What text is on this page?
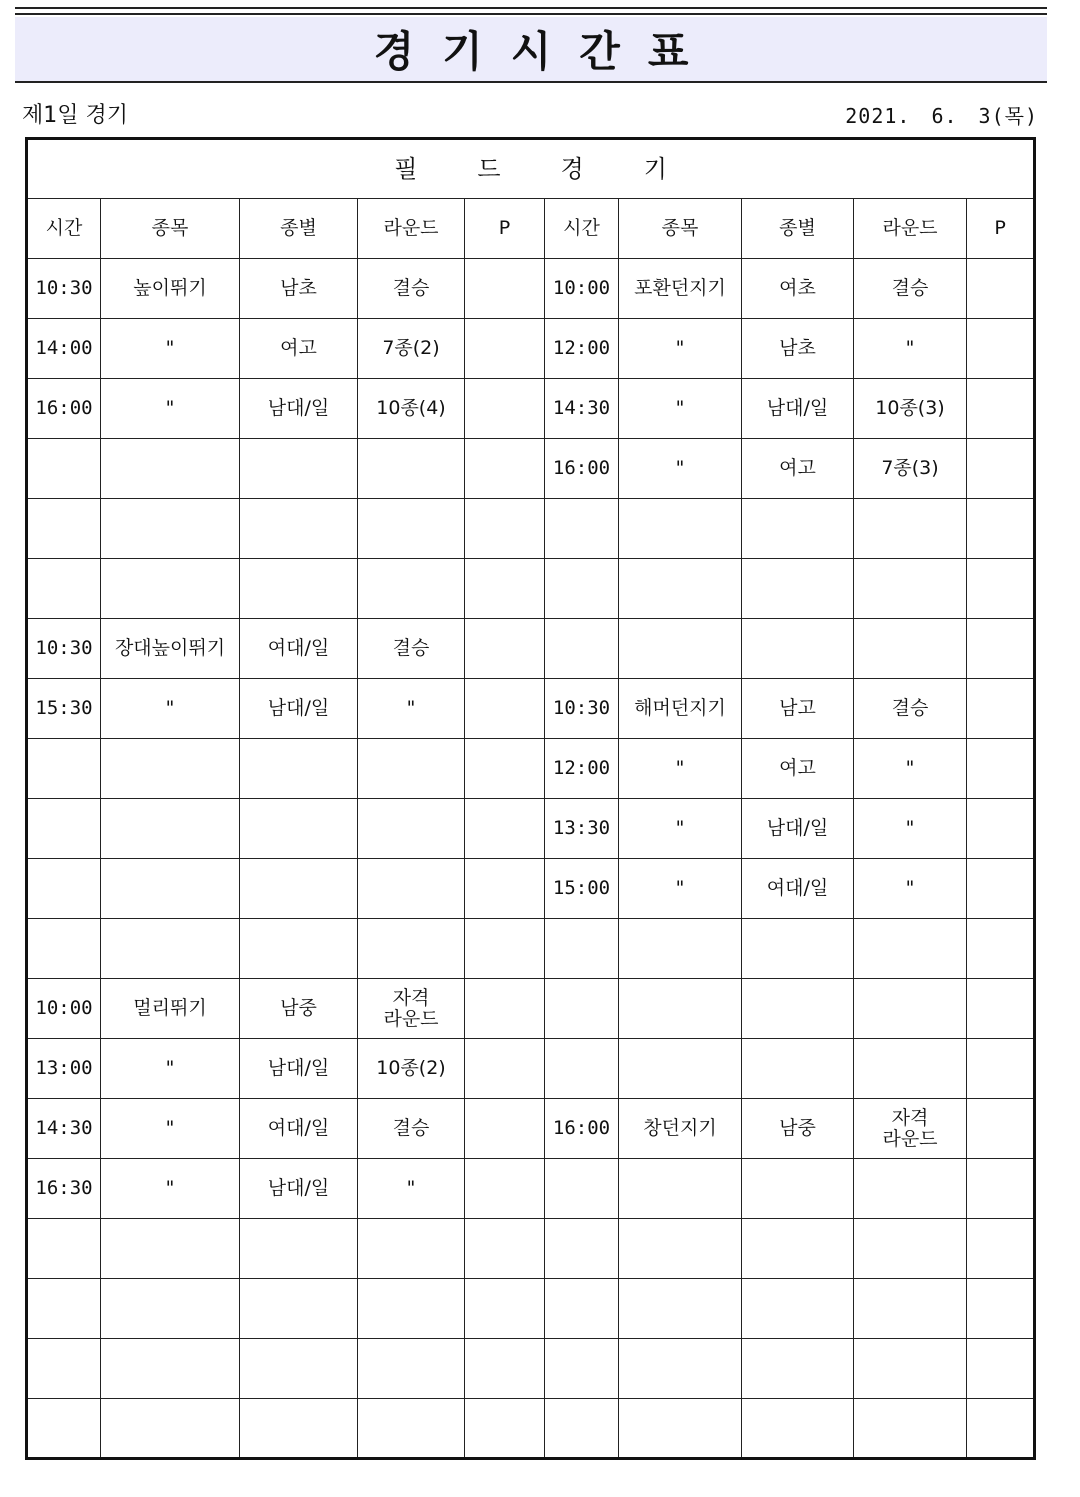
경기시간표
제1일 경기	2021.　6.　3(목)
필드경기									
시간	종목	종별	라운드	P	시간	종목	종별	라운드	P
10:30	높이뛰기	남초	결승		10:00	포환던지기	여초	결승	
14:00	"	여고	7종(2)		12:00	"	남초	"	
16:00	"	남대/일	10종(4)		14:30	"	남대/일	10종(3)	
					16:00	"	여고	7종(3)	

10:30	장대높이뛰기	여대/일	결승						
15:30	"	남대/일	"		10:30	해머던지기	남고	결승	
					12:00	"	여고	"	
					13:30	"	남대/일	"	
					15:00	"	여대/일	"	

10:00	멀리뛰기	남중	자격
라운드						
13:00	"	남대/일	10종(2)						
14:30	"	여대/일	결승		16:00	창던지기	남중	자격
라운드	
16:30	"	남대/일	"						
